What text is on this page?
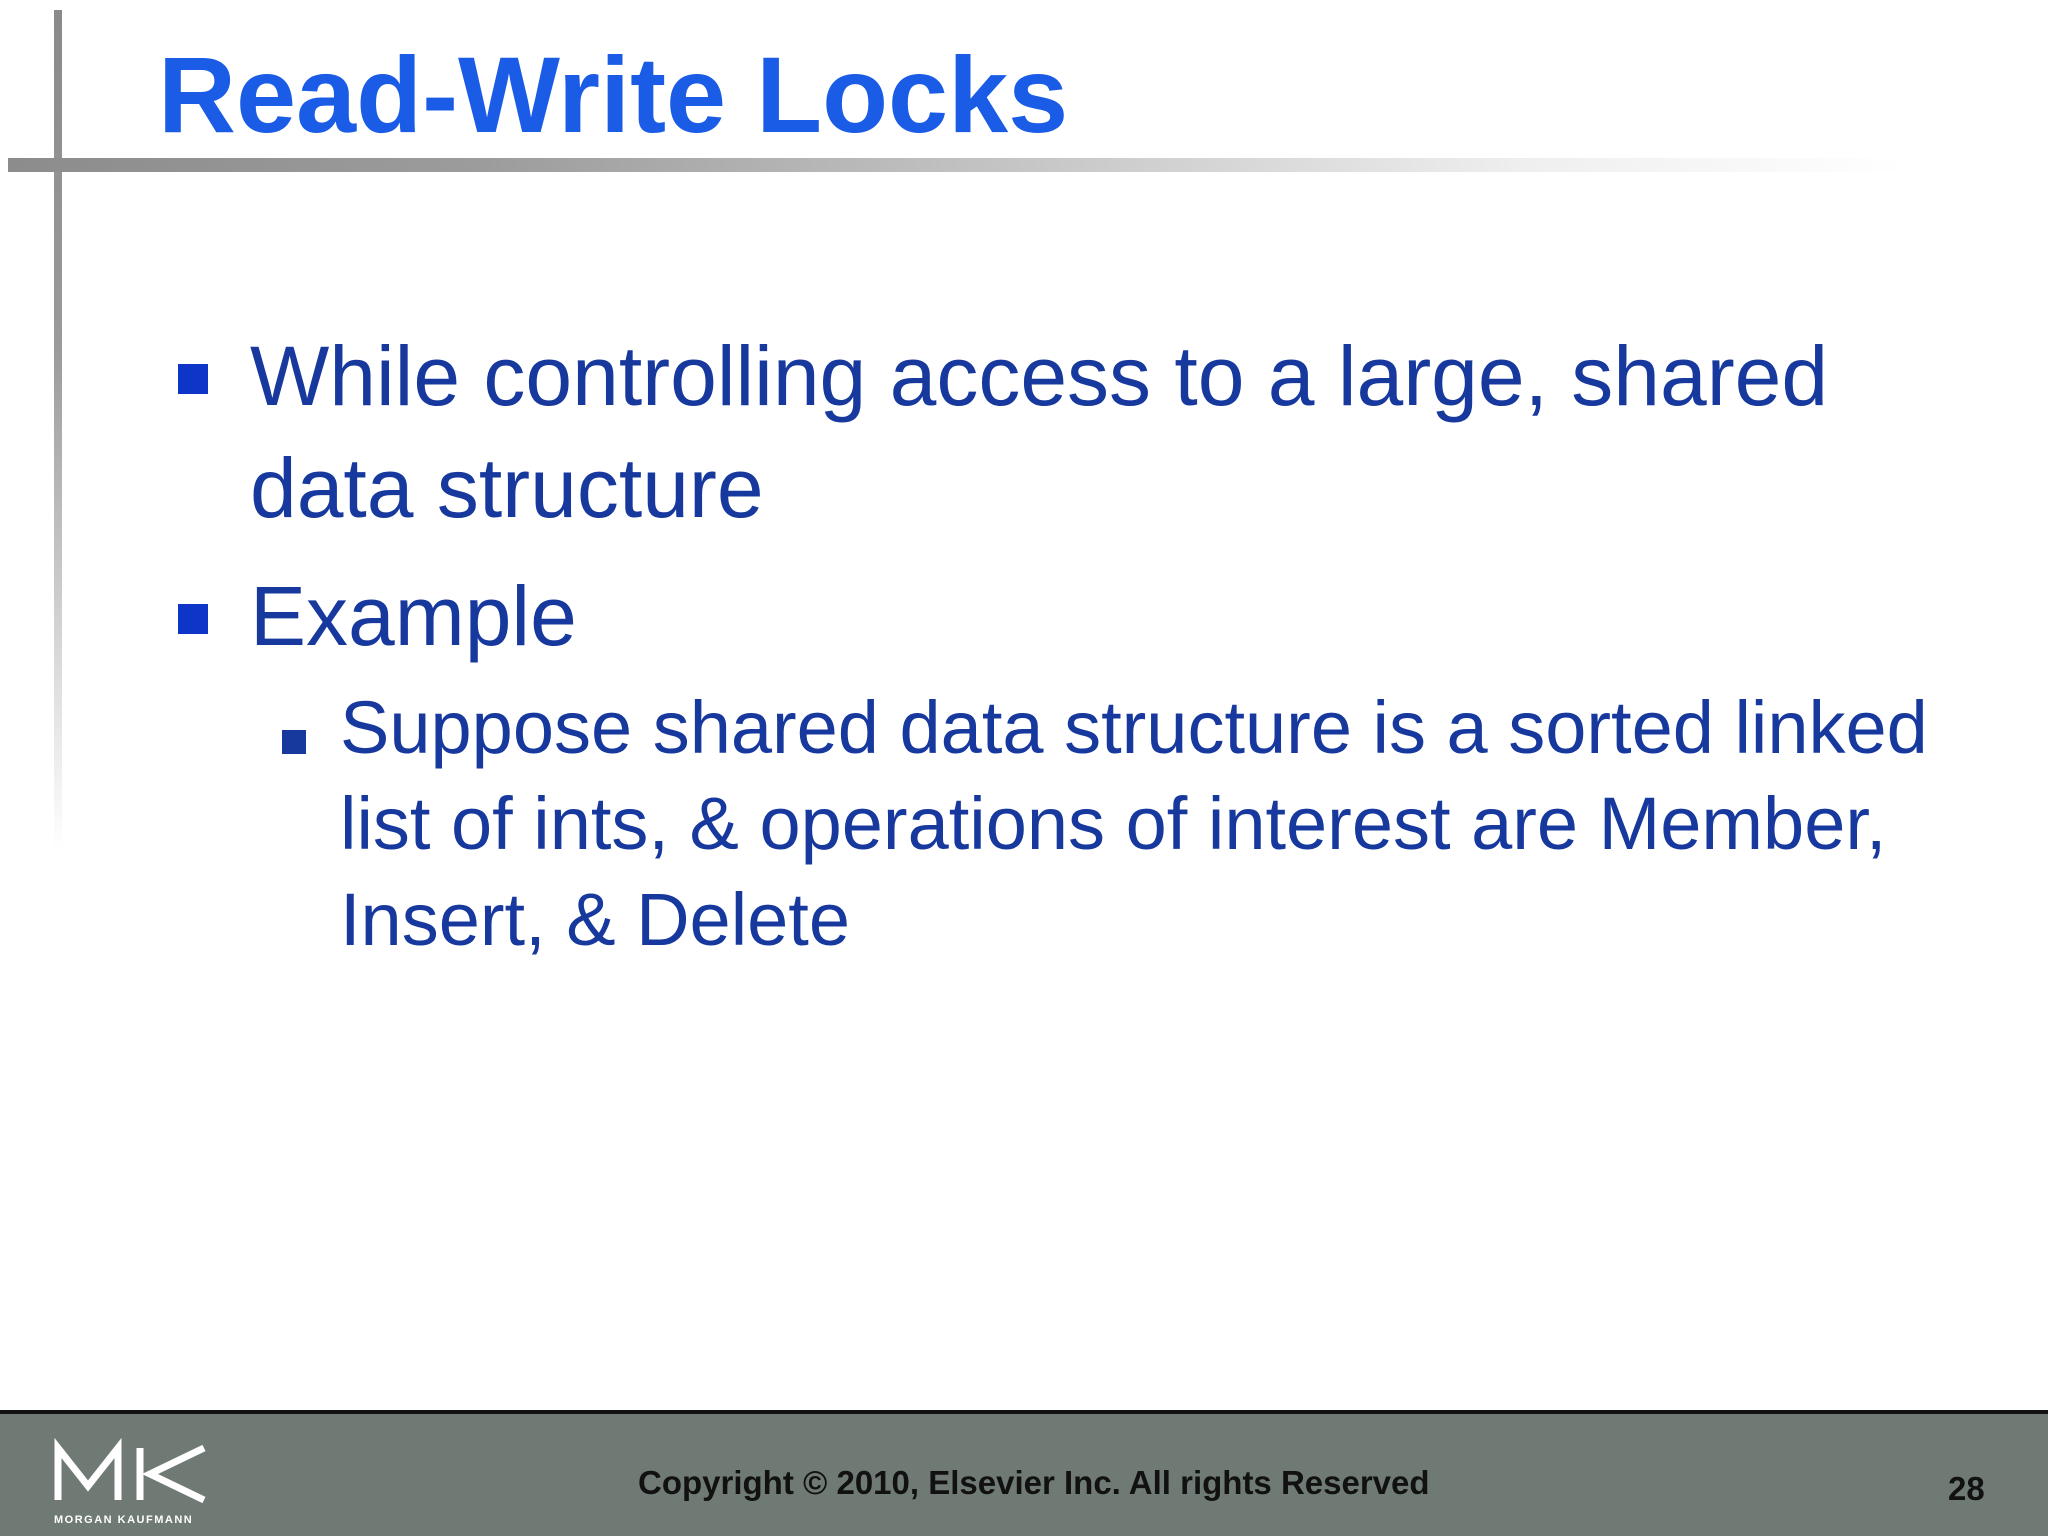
Read-Write Locks
While controlling access to a large, shared data structure
Example
Suppose shared data structure is a sorted linked list of ints, & operations of interest are Member, Insert, & Delete
MORGAN KAUFMANN
Copyright © 2010, Elsevier Inc. All rights Reserved	28
